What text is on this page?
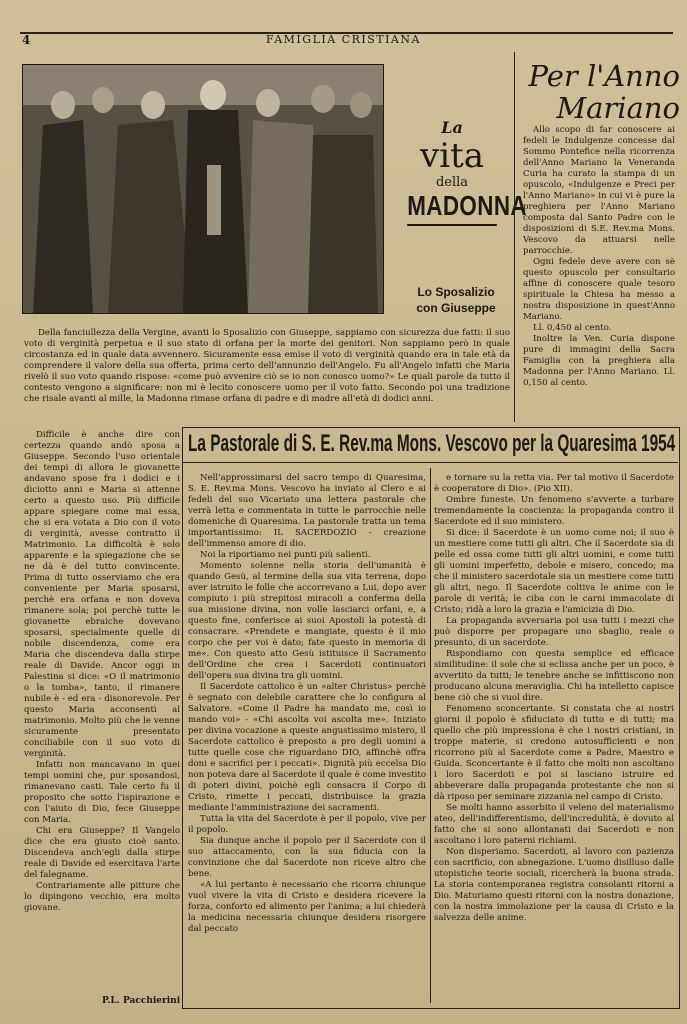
4	FAMIGLIA CRISTIANA
La
vita
della
MADONNA
Lo Sposalizio
con Giuseppe
Per l'Anno
Mariano

Allo scopo di far conoscere ai fedeli le Indulgenze concesse dal Sommo Pontefice nella ricorrenza dell'Anno Mariano la Veneranda Curia ha curato la stampa di un opuscolo, «Indulgenze e Preci per l'Anno Mariano» in cui vi è pure la preghiera per l'Anno Mariano composta dal Santo Padre con le disposizioni di S.E. Rev.ma Mons. Vescovo da attuarsi nelle parrocchie.

Ogni fedele deve avere con sè questo opuscolo per consultario affine di conoscere quale tesoro spirituale la Chiesa ha messo a nostra disposizione in quest'Anno Mariano.

Ll. 0,450 al cento.

Inoltre la Ven. Curia dispone pure di immagini della Sacra Famiglia con la preghiera alla Madonna per l'Anno Mariano. Ll. 0,150 al cento.

Della fanciullezza della Vergine, avanti lo Sposalizio con Giuseppe, sappiamo con sicurezza due fatti: il suo voto di verginità perpetua e il suo stato di orfana per la morte dei genitori. Non sappiamo però in quale circostanza ed in quale data avvennero. Sicuramente essa emise il voto di verginità quando era in tale età da comprendere il valore della sua offerta, prima certo dell'annunzio dell'Angelo. Fu all'Angelo infatti che Maria rivelò il suo voto quando rispose: «come può avvenire ciò se io non conosco uomo?» Le quali parole da tutto il contesto vengono a significare: non mi è lecito conoscere uomo per il voto fatto. Secondo poi una tradizione che risale avanti al mille, la Madonna rimase orfana di padre e di madre all'età di dodici anni.

Difficile è anche dire con certezza quando andò sposa a Giuseppe. Secondo l'uso orientale dei tempi di allora le giovanette andavano spose fra i dodici e i diciotto anni e Maria si attenne certo a questo uso. Più difficile appare spiegare come mai essa, che si era votata a Dio con il voto di verginità, avesse contratto il Matrimonio. La difficoltà è solo apparente e la spiegazione che se ne dà è del tutto convincente. Prima di tutto osserviamo che era conveniente per Maria sposarsi, perchè era orfana e non doveva rimanere sola; poi perchè tutte le giovanette ebraiche dovevano sposarsi, specialmente quelle di nobile discendenza, come era Maria che discendeva dalla stirpe reale di Davide. Ancor oggi in Palestina si dice: «O il matrimonio o la tomba», tanto, il rimanere nubile è - ed era - disonorevole. Per questo Maria acconsentì al matrimonio. Molto più che le venne sicuramente presentato conciliabile con il suo voto di verginità.

Infatti non mancavano in quei tempi uomini che, pur sposandosi, rimanevano casti. Tale certo fu il proposito che sotto l'ispirazione e con l'aiuto di Dio, fece Giuseppe con Maria.

Chi era Giuseppe? Il Vangelo dice che era giusto cioè santo. Discendeva anch'egli dalla stirpe reale di Davide ed esercitava l'arte del falegname.

Contrariamente alle pitture che lo dipingono vecchio, era molto giovane.

P.L. Pacchierini
La Pastorale di S. E. Rev.ma Mons. Vescovo per la Quaresima 1954

Nell'approssimarsi del sacro tempo di Quaresima, S. E. Rev.ma Mons. Vescovo ha inviato al Clero e ai fedeli del suo Vicariato una lettera pastorale che verrà letta e commentata in tutte le parrocchie nelle domeniche di Quaresima. La pastorale tratta un tema importantissimo: IL SACERDOZIO - creazione dell'immenso amore di dio.

Noi la riportiamo nei punti più salienti.

Momento solenne nella storia dell'umanità è quando Gesù, al termine della sua vita terrena, dopo aver istruito le folle che accorrevano a Lui, dopo aver compiuto i più strepitosi miracoli a conferma della sua missione divina, non volle lasciarci orfani, e, a questo fine, conferisce ai suoi Apostoli la potestà di consacrare. «Prendete e mangiate, questo è il mio corpo che per voi è dato; fate questo in memoria di me». Con questo atto Gesù istituisce il Sacramento dell'Ordine che crea i Sacerdoti continuatori dell'opera sua divina tra gli uomini.

Il Sacerdote cattolico è un «alter Christus» perchè è segnato con delebile carattere che lo configura al Salvatore. «Come il Padre ha mandato me, così io mando voi» - «Chi ascolta voi ascolta me». Iniziato per divina vocazione a queste angustissimo mistero, il Sacerdote cattolico è preposto a pro degli uomini a tutte quelle cose che riguardano DIO, affinchè offra doni e sacrifici per i peccati». Dignità più eccelsa Dio non poteva dare al Sacerdote il quale è come investito di poteri divini, poichè egli consacra il Corpo di Cristo, rimette i peccati, distribuisce la grazia mediante l'amministrazione dei sacramenti.

Tutta la vita del Sacerdote è per il popolo, vive per il popolo.

Sia dunque anche il popolo per il Sacerdote con il suo attaccamento, con la sua fiducia con la convinzione che dal Sacerdote non riceve altro che bene.

«A lui pertanto è necessario che ricorra chiunque vuol vivere la vita di Cristo e desidera ricevere la forza, conforto ed alimento per l'anima; a lui chiederà la medicina necessaria chiunque desidera risorgere dal peccato

e tornare su la retta via. Per tal motivo il Sacerdote è cooperatore di Dio». (Pio XII).

Ombre funeste. Un fenomeno s'avverte a turbare tremendamente la coscienza: la propaganda contro il Sacerdote ed il suo ministero.

Si dice: il Sacerdote è un uomo come noi; il suo è un mestiere come tutti gli altri. Che il Sacerdote sia di pelle ed ossa come tutti gli altri uomini, e come tutti gli uomini imperfetto, debole e misero, concedo; ma che il ministero sacerdotale sia un mestiere come tutti gli altri, nego. Il Sacerdote coltiva le anime con le parole di verità; le ciba con le carni immacolate di Cristo; ridà a loro la grazia e l'amicizia di Dio.

La propaganda avversaria poi usa tutti i mezzi che può disporre per propagare uno sbaglio, reale o presunto, di un sacerdote.

Rispondiamo con questa semplice ed efficace similitudine: il sole che si eclissa anche per un poco, è avvertito da tutti; le tenebre anche se infittiscono non producano alcuna meraviglia. Chi ha intelletto capisce bene ciò che si vuol dire.

Fenomeno sconcertante. Si constata che ai nostri giorni il popolo è sfiduciato di tutto e di tutti; ma quello che più impressiona è che i nostri cristiani, in troppe materie, si credono autosufficienti e non ricorrono più al Sacerdote come a Padre, Maestro e Guida. Sconcertante è il fatto che molti non ascoltano i loro Sacerdoti e poi si lasciano istruire ed abbeverare dalla propaganda protestante che non si dà riposo per seminare zizzania nel campo di Cristo.

Se molti hanno assorbito il veleno del materialismo ateo, dell'indifferentismo, dell'incredulità, è dovuto al fatto che si sono allontanati dai Sacerdoti e non ascoltano i loro paterni richiami.

Non disperiamo. Sacerdoti, al lavoro con pazienza con sacrificio, con abnegazione. L'uomo disilluso dalle utopistiche teorie sociali, ricercherà la buona strada. La storia contemporanea registra consolanti ritorni a Dio. Maturiamo questi ritorni con la nostra donazione, con la nostra immolazione per la causa di Cristo e la salvezza delle anime.
